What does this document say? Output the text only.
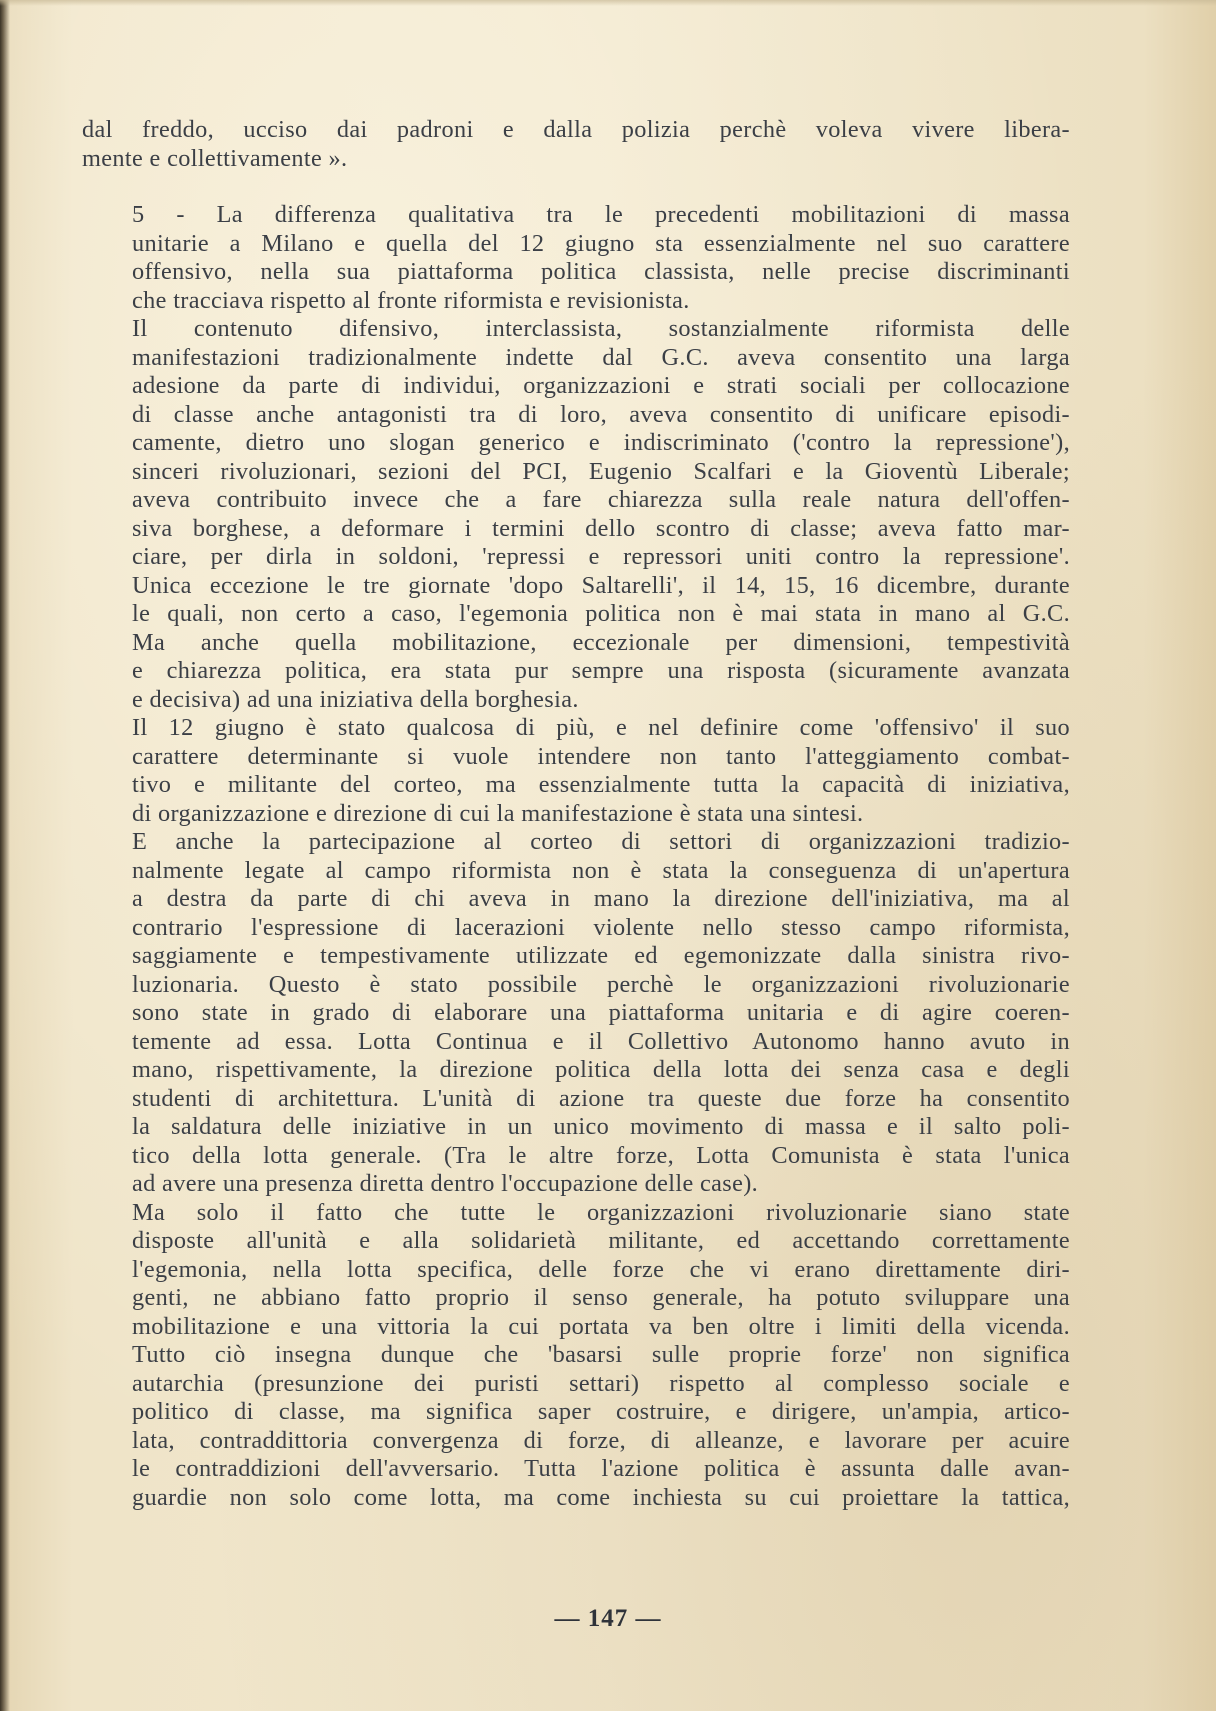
dal freddo, ucciso dai padroni e dalla polizia perchè voleva vivere libera-
mente e collettivamente ».

5 - La differenza qualitativa tra le precedenti mobilitazioni di massa
unitarie a Milano e quella del 12 giugno sta essenzialmente nel suo carattere
offensivo, nella sua piattaforma politica classista, nelle precise discriminanti
che tracciava rispetto al fronte riformista e revisionista.

Il contenuto difensivo, interclassista, sostanzialmente riformista delle
manifestazioni tradizionalmente indette dal G.C. aveva consentito una larga
adesione da parte di individui, organizzazioni e strati sociali per collocazione
di classe anche antagonisti tra di loro, aveva consentito di unificare episodi-
camente, dietro uno slogan generico e indiscriminato ('contro la repressione'),
sinceri rivoluzionari, sezioni del PCI, Eugenio Scalfari e la Gioventù Liberale;
aveva contribuito invece che a fare chiarezza sulla reale natura dell'offen-
siva borghese, a deformare i termini dello scontro di classe; aveva fatto mar-
ciare, per dirla in soldoni, 'repressi e repressori uniti contro la repressione'.
Unica eccezione le tre giornate 'dopo Saltarelli', il 14, 15, 16 dicembre, durante
le quali, non certo a caso, l'egemonia politica non è mai stata in mano al G.C.

Ma anche quella mobilitazione, eccezionale per dimensioni, tempestività
e chiarezza politica, era stata pur sempre una risposta (sicuramente avanzata
e decisiva) ad una iniziativa della borghesia.

Il 12 giugno è stato qualcosa di più, e nel definire come 'offensivo' il suo
carattere determinante si vuole intendere non tanto l'atteggiamento combat-
tivo e militante del corteo, ma essenzialmente tutta la capacità di iniziativa,
di organizzazione e direzione di cui la manifestazione è stata una sintesi.

E anche la partecipazione al corteo di settori di organizzazioni tradizio-
nalmente legate al campo riformista non è stata la conseguenza di un'apertura
a destra da parte di chi aveva in mano la direzione dell'iniziativa, ma al
contrario l'espressione di lacerazioni violente nello stesso campo riformista,
saggiamente e tempestivamente utilizzate ed egemonizzate dalla sinistra rivo-
luzionaria. Questo è stato possibile perchè le organizzazioni rivoluzionarie
sono state in grado di elaborare una piattaforma unitaria e di agire coeren-
temente ad essa. Lotta Continua e il Collettivo Autonomo hanno avuto in
mano, rispettivamente, la direzione politica della lotta dei senza casa e degli
studenti di architettura. L'unità di azione tra queste due forze ha consentito
la saldatura delle iniziative in un unico movimento di massa e il salto poli-
tico della lotta generale. (Tra le altre forze, Lotta Comunista è stata l'unica
ad avere una presenza diretta dentro l'occupazione delle case).

Ma solo il fatto che tutte le organizzazioni rivoluzionarie siano state
disposte all'unità e alla solidarietà militante, ed accettando correttamente
l'egemonia, nella lotta specifica, delle forze che vi erano direttamente diri-
genti, ne abbiano fatto proprio il senso generale, ha potuto sviluppare una
mobilitazione e una vittoria la cui portata va ben oltre i limiti della vicenda.

Tutto ciò insegna dunque che 'basarsi sulle proprie forze' non significa
autarchia (presunzione dei puristi settari) rispetto al complesso sociale e
politico di classe, ma significa saper costruire, e dirigere, un'ampia, artico-
lata, contraddittoria convergenza di forze, di alleanze, e lavorare per acuire
le contraddizioni dell'avversario. Tutta l'azione politica è assunta dalle avan-
guardie non solo come lotta, ma come inchiesta su cui proiettare la tattica,

— 147 —
